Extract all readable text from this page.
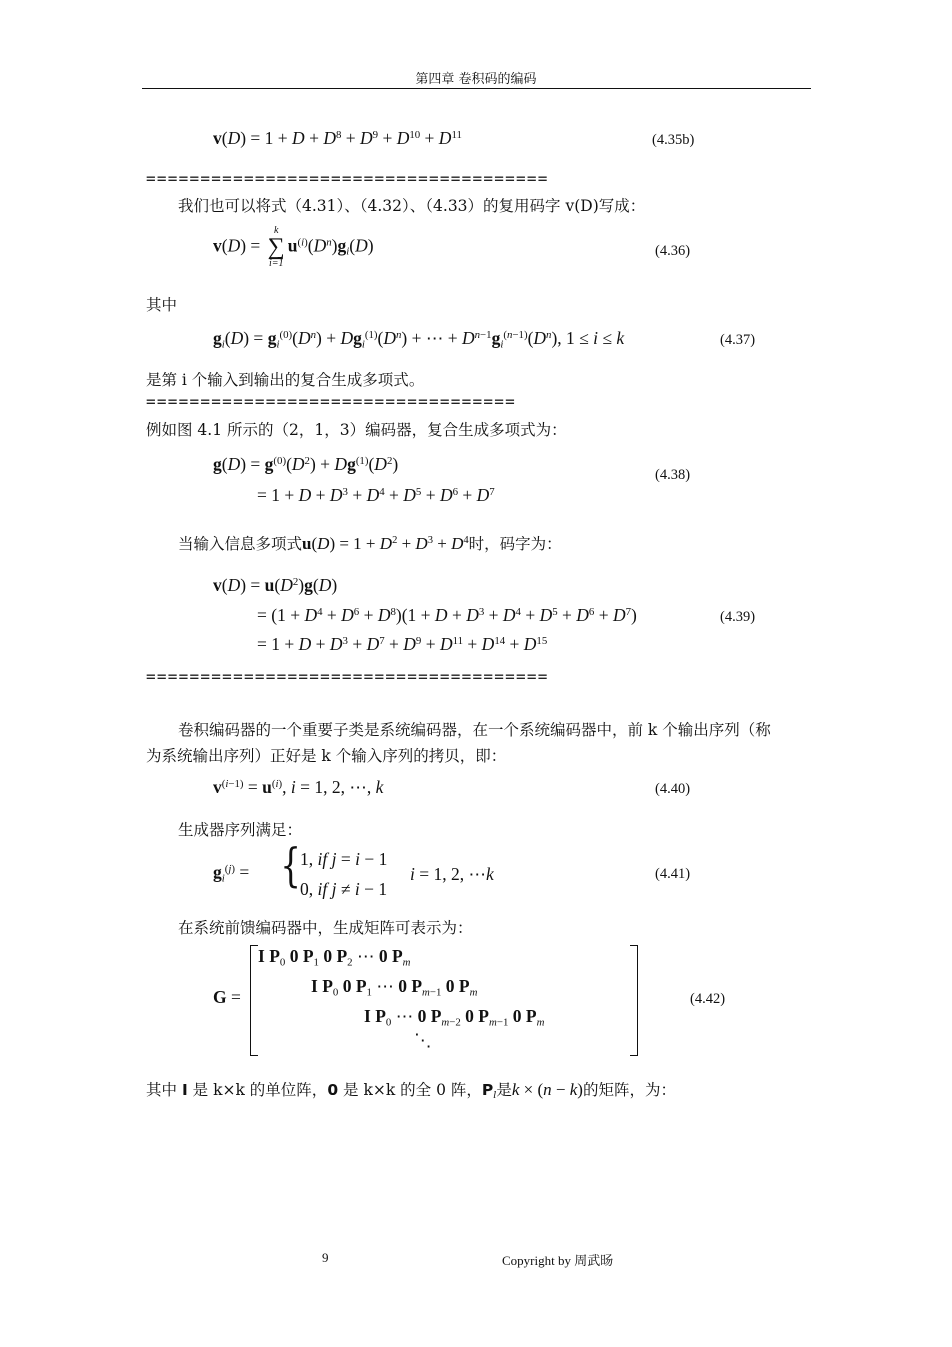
第四章 卷积码的编码
$v(D) = 1 + D + D^8 + D^9 + D^{10} + D^{11}$	(4.35b)
=====================================
我们也可以将式（4.31）、（4.32）、（4.33）的复用码字 v(D)写成：
v(D) =
k
∑
i=1
$u^{(i)}(D^n)g_i(D)$	(4.36)
其中
$g_i(D) = g_i^{(0)}(D^n) + Dg_i^{(1)}(D^n)$ + ⋯ + $D^{n-1}g_i^{(n-1)}(D^n)$, 1 ≤ i ≤ k	(4.37)
是第 i 个输入到输出的复合生成多项式。
==================================
例如图 4.1 所示的（2，1，3）编码器，复合生成多项式为：
$g(D) = g^{(0)}(D^2) + Dg^{(1)}(D^2)$
= $1 + D + D^3 + D^4 + D^5 + D^6 + D^7$
(4.38)
当输入信息多项式$u(D) = 1 + D^2 + D^3 + D^4$时，码字为：
$v(D) = u(D^2)g(D)$
= $(1 + D^4 + D^6 + D^8)(1 + D + D^3 + D^4 + D^5 + D^6 + D^7)$
= $1 + D + D^3 + D^7 + D^9 + D^{11} + D^{14} + D^{15}$
(4.39)
=====================================
卷积编码器的一个重要子类是系统编码器，在一个系统编码器中，前 k 个输出序列（称
为系统输出序列）正好是 k 个输入序列的拷贝，即：
$v^{(i-1)} = u^{(i)}$, i = 1, 2, ⋯, k	(4.40)
生成器序列满足：
$g_i^{(j)}$ = { 1, if j = i − 1
0, if j ≠ i − 1
i = 1, 2, ⋯k	(4.41)
在系统前馈编码器中，生成矩阵可表示为：
G =
I $P_0$ 0 $P_1$ 0 $P_2$ ⋯ 0 $P_m$
I $P_0$ 0 $P_1$ ⋯ 0 $P_{m-1}$ 0 $P_m$
I $P_0$ ⋯ 0 $P_{m-2}$ 0 $P_{m-1}$ 0 $P_m$
⋱
(4.42)
其中 I 是 k×k 的单位阵，0 是 k×k 的全 0 阵，$P_l$是k × (n − k)的矩阵，为：
9	Copyright by 周武旸
